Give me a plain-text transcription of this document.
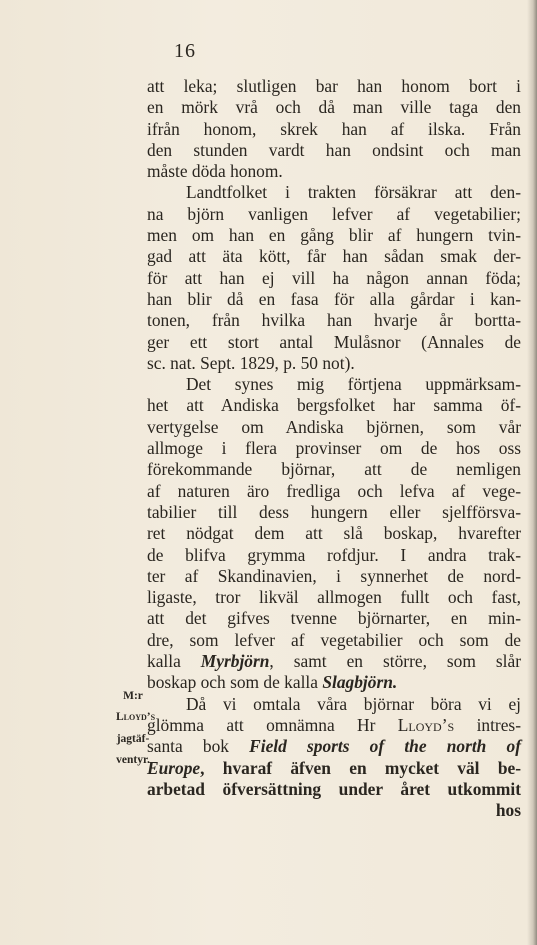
16
M:r
Lloyd’s
jagtäf-
ventyr.
att leka; slutligen bar han honom bort i
en mörk vrå och då man ville taga den
ifrån honom, skrek han af ilska. Från
den stunden vardt han ondsint och man
måste döda honom.
Landtfolket i trakten försäkrar att den-
na björn vanligen lefver af vegetabilier;
men om han en gång blir af hungern tvin-
gad att äta kött, får han sådan smak der-
för att han ej vill ha någon annan föda;
han blir då en fasa för alla gårdar i kan-
tonen, från hvilka han hvarje år bortta-
ger ett stort antal Mulåsnor (Annales de
sc. nat. Sept. 1829, p. 50 not).
Det synes mig förtjena uppmärksam-
het att Andiska bergsfolket har samma öf-
vertygelse om Andiska björnen, som vår
allmoge i flera provinser om de hos oss
förekommande björnar, att de nemligen
af naturen äro fredliga och lefva af vege-
tabilier till dess hungern eller sjelfförsva-
ret nödgat dem att slå boskap, hvarefter
de blifva grymma rofdjur. I andra trak-
ter af Skandinavien, i synnerhet de nord-
ligaste, tror likväl allmogen fullt och fast,
att det gifves tvenne björnarter, en min-
dre, som lefver af vegetabilier och som de
kalla Myrbjörn, samt en större, som slår
boskap och som de kalla Slagbjörn.
Då vi omtala våra björnar böra vi ej
glömma att omnämna Hr Lloyd’s intres-
santa bok Field sports of the north of
Europe, hvaraf äfven en mycket väl be-
arbetad öfversättning under året utkommit
hos
